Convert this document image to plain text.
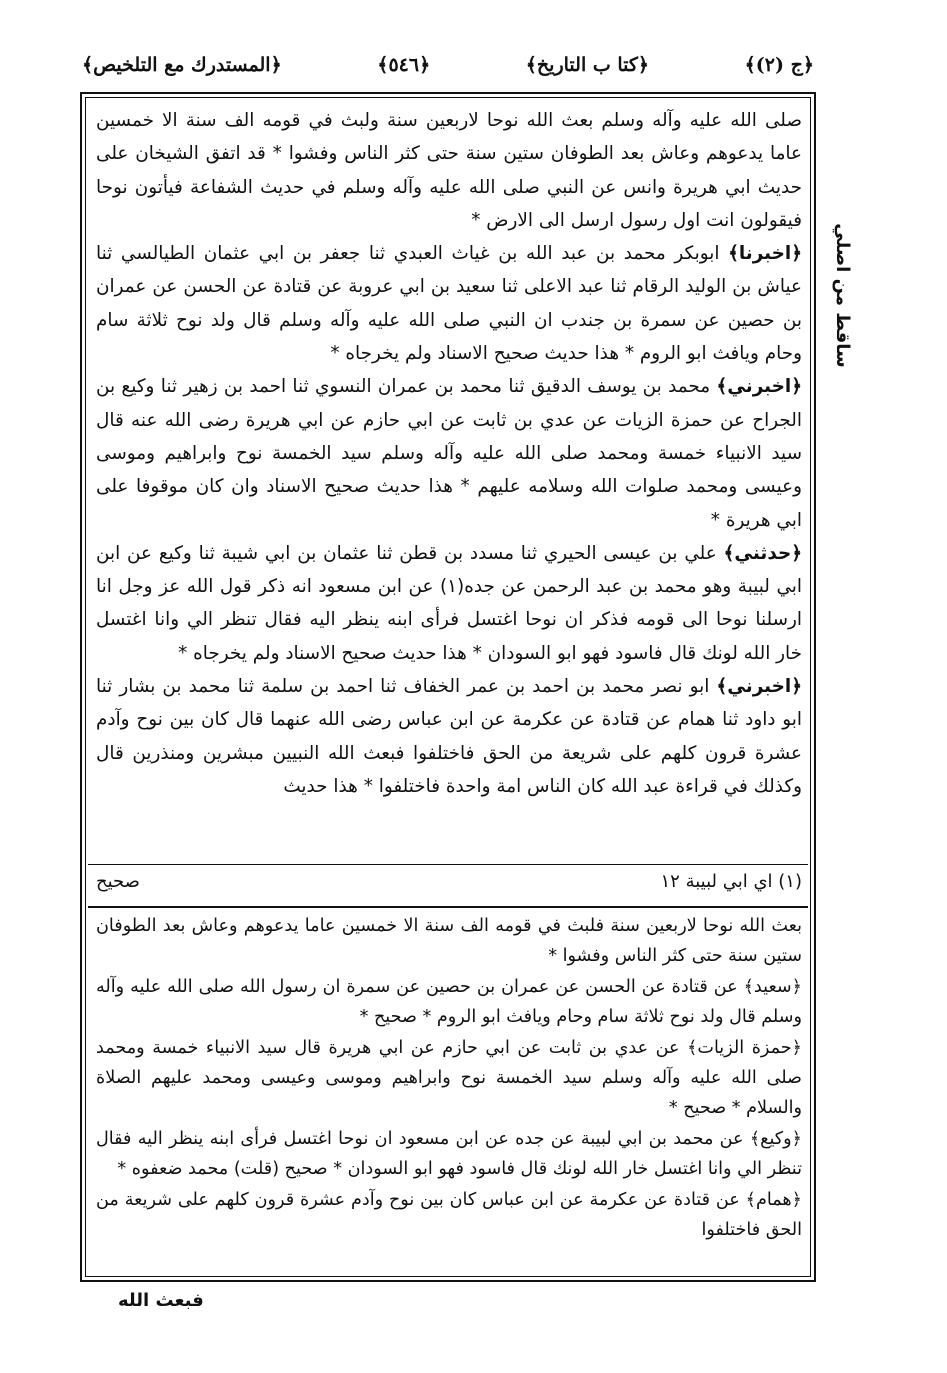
﴿المستدرك مع التلخيص﴾	﴿٥٤٦﴾	﴿كتا ب التاريخ﴾	﴿ج (٢)﴾

صلى الله عليه وآله وسلم بعث الله نوحا لاربعين سنة ولبث في قومه الف سنة الا خمسين عاما يدعوهم وعاش بعد الطوفان ستين سنة حتى كثر الناس وفشوا * قد اتفق الشيخان على حديث ابي هريرة وانس عن النبي صلى الله عليه وآله وسلم في حديث الشفاعة فيأتون نوحا فيقولون انت اول رسول ارسل الى الارض *

﴿اخبرنا﴾ ابوبكر محمد بن عبد الله بن غياث العبدي ثنا جعفر بن ابي عثمان الطيالسي ثنا عياش بن الوليد الرقام ثنا عبد الاعلى ثنا سعيد بن ابي عروبة عن قتادة عن الحسن عن عمران بن حصين عن سمرة بن جندب ان النبي صلى الله عليه وآله وسلم قال ولد نوح ثلاثة سام وحام ويافث ابو الروم * هذا حديث صحيح الاسناد ولم يخرجاه *

﴿اخبرني﴾ محمد بن يوسف الدقيق ثنا محمد بن عمران النسوي ثنا احمد بن زهير ثنا وكيع بن الجراح عن حمزة الزيات عن عدي بن ثابت عن ابي حازم عن ابي هريرة رضى الله عنه قال سيد الانبياء خمسة ومحمد صلى الله عليه وآله وسلم سيد الخمسة نوح وابراهيم وموسى وعيسى ومحمد صلوات الله وسلامه عليهم * هذا حديث صحيح الاسناد وان كان موقوفا على ابي هريرة *

﴿حدثني﴾ علي بن عيسى الحيري ثنا مسدد بن قطن ثنا عثمان بن ابي شيبة ثنا وكيع عن ابن ابي لبيبة وهو محمد بن عبد الرحمن عن جده(١) عن ابن مسعود انه ذكر قول الله عز وجل انا ارسلنا نوحا الى قومه فذكر ان نوحا اغتسل فرأى ابنه ينظر اليه فقال تنظر الي وانا اغتسل خار الله لونك قال فاسود فهو ابو السودان * هذا حديث صحيح الاسناد ولم يخرجاه *

﴿اخبرني﴾ ابو نصر محمد بن احمد بن عمر الخفاف ثنا احمد بن سلمة ثنا محمد بن بشار ثنا ابو داود ثنا همام عن قتادة عن عكرمة عن ابن عباس رضى الله عنهما قال كان بين نوح وآدم عشرة قرون كلهم على شريعة من الحق فاختلفوا فبعث الله النبيين مبشرين ومنذرين قال وكذلك في قراءة عبد الله كان الناس امة واحدة فاختلفوا * هذا حديث

(١) اي ابي لبيبة ١٢
صحيح

بعث الله نوحا لاربعين سنة فلبث في قومه الف سنة الا خمسين عاما يدعوهم وعاش بعد الطوفان ستين سنة حتى كثر الناس وفشوا *

﴿سعيد﴾ عن قتادة عن الحسن عن عمران بن حصين عن سمرة ان رسول الله صلى الله عليه وآله وسلم قال ولد نوح ثلاثة سام وحام ويافث ابو الروم * صحيح *

﴿حمزة الزيات﴾ عن عدي بن ثابت عن ابي حازم عن ابي هريرة قال سيد الانبياء خمسة ومحمد صلى الله عليه وآله وسلم سيد الخمسة نوح وابراهيم وموسى وعيسى ومحمد عليهم الصلاة والسلام * صحيح *

﴿وكيع﴾ عن محمد بن ابي لبيبة عن جده عن ابن مسعود ان نوحا اغتسل فرأى ابنه ينظر اليه فقال تنظر الي وانا اغتسل خار الله لونك قال فاسود فهو ابو السودان * صحيح (قلت) محمد ضعفوه *

﴿همام﴾ عن قتادة عن عكرمة عن ابن عباس كان بين نوح وآدم عشرة قرون كلهم على شريعة من الحق فاختلفوا

ساقط من اصلي
فبعث الله
